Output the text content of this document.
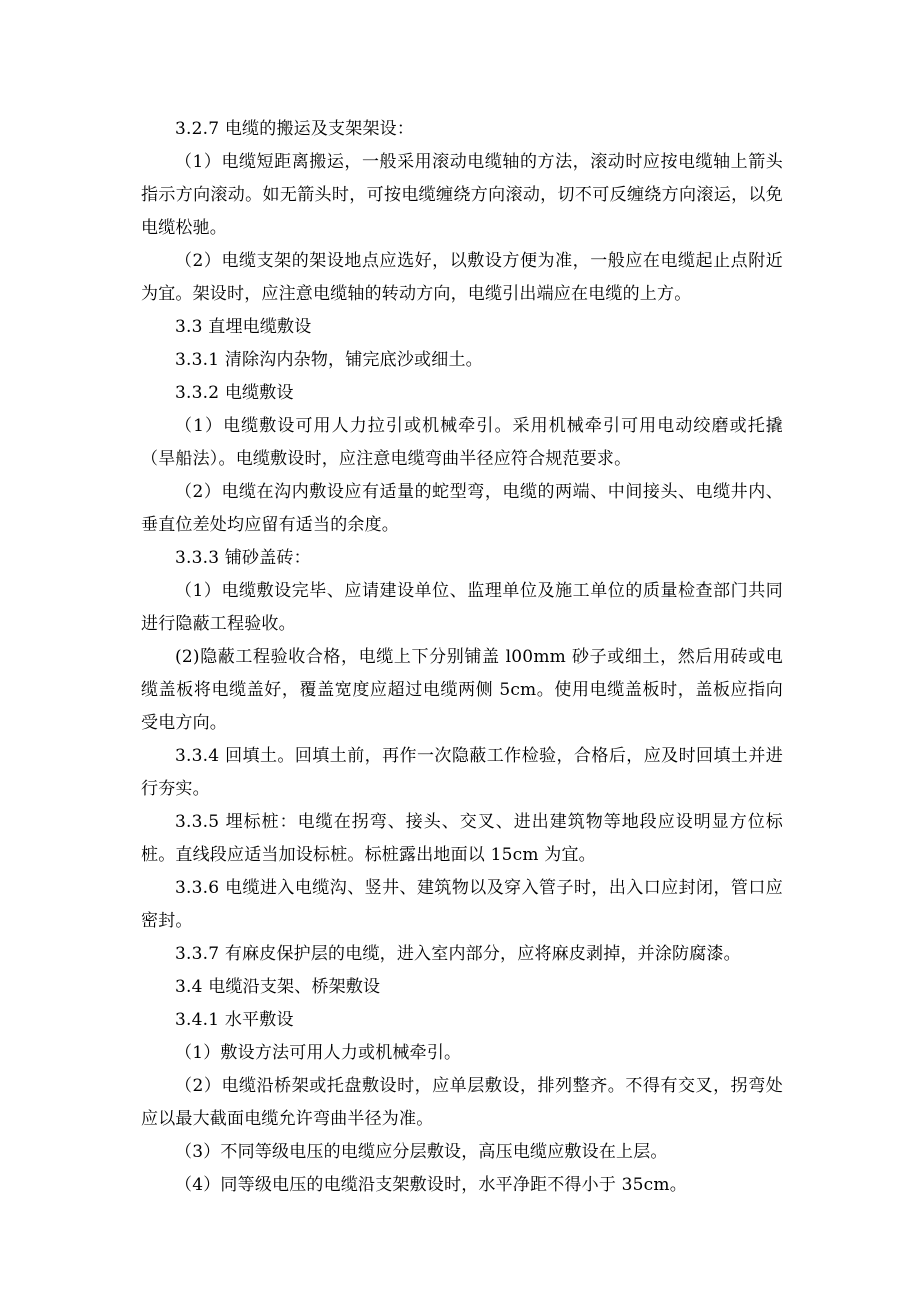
3.2.7 电缆的搬运及支架架设：

（1）电缆短距离搬运，一般采用滚动电缆轴的方法，滚动时应按电缆轴上箭头指示方向滚动。如无箭头时，可按电缆缠绕方向滚动，切不可反缠绕方向滚运，以免电缆松驰。

（2）电缆支架的架设地点应选好，以敷设方便为准，一般应在电缆起止点附近为宜。架设时，应注意电缆轴的转动方向，电缆引出端应在电缆的上方。

3.3 直埋电缆敷设

3.3.1 清除沟内杂物，铺完底沙或细土。

3.3.2 电缆敷设

（1）电缆敷设可用人力拉引或机械牵引。采用机械牵引可用电动绞磨或托撬（旱船法）。电缆敷设时，应注意电缆弯曲半径应符合规范要求。

（2）电缆在沟内敷设应有适量的蛇型弯，电缆的两端、中间接头、电缆井内、垂直位差处均应留有适当的余度。

3.3.3 铺砂盖砖：

（1）电缆敷设完毕、应请建设单位、监理单位及施工单位的质量检查部门共同进行隐蔽工程验收。

(2)隐蔽工程验收合格，电缆上下分别铺盖 l00mm 砂子或细土，然后用砖或电缆盖板将电缆盖好，覆盖宽度应超过电缆两侧 5cm。使用电缆盖板时，盖板应指向受电方向。

3.3.4 回填土。回填土前，再作一次隐蔽工作检验，合格后，应及时回填土并进行夯实。

3.3.5 埋标桩：电缆在拐弯、接头、交叉、进出建筑物等地段应设明显方位标桩。直线段应适当加设标桩。标桩露出地面以 15cm 为宜。

3.3.6 电缆进入电缆沟、竖井、建筑物以及穿入管子时，出入口应封闭，管口应密封。

3.3.7 有麻皮保护层的电缆，进入室内部分，应将麻皮剥掉，并涂防腐漆。

3.4 电缆沿支架、桥架敷设

3.4.1 水平敷设

（1）敷设方法可用人力或机械牵引。

（2）电缆沿桥架或托盘敷设时，应单层敷设，排列整齐。不得有交叉，拐弯处应以最大截面电缆允许弯曲半径为准。

（3）不同等级电压的电缆应分层敷设，高压电缆应敷设在上层。

（4）同等级电压的电缆沿支架敷设时，水平净距不得小于 35cm。
